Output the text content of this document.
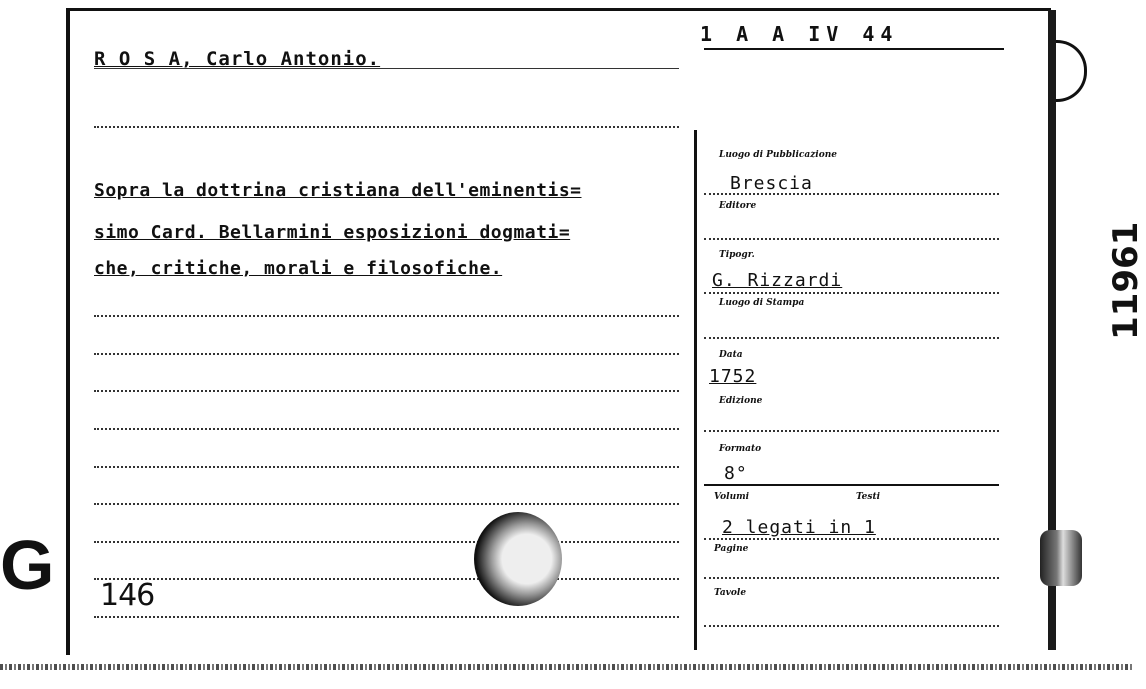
G
1 A A IV 44
R O S A, Carlo Antonio.
Sopra la dottrina cristiana dell'eminentis=
simo Card. Bellarmini esposizioni dogmati=
che, critiche, morali e filosofiche.
146
Luogo di Pubblicazione
Brescia
Editore
Tipogr.
G. Rizzardi
Luogo di Stampa
Data
1752
Edizione
Formato
8°
Volumi	Testi
2 legati in 1
Pagine
Tavole
11961
